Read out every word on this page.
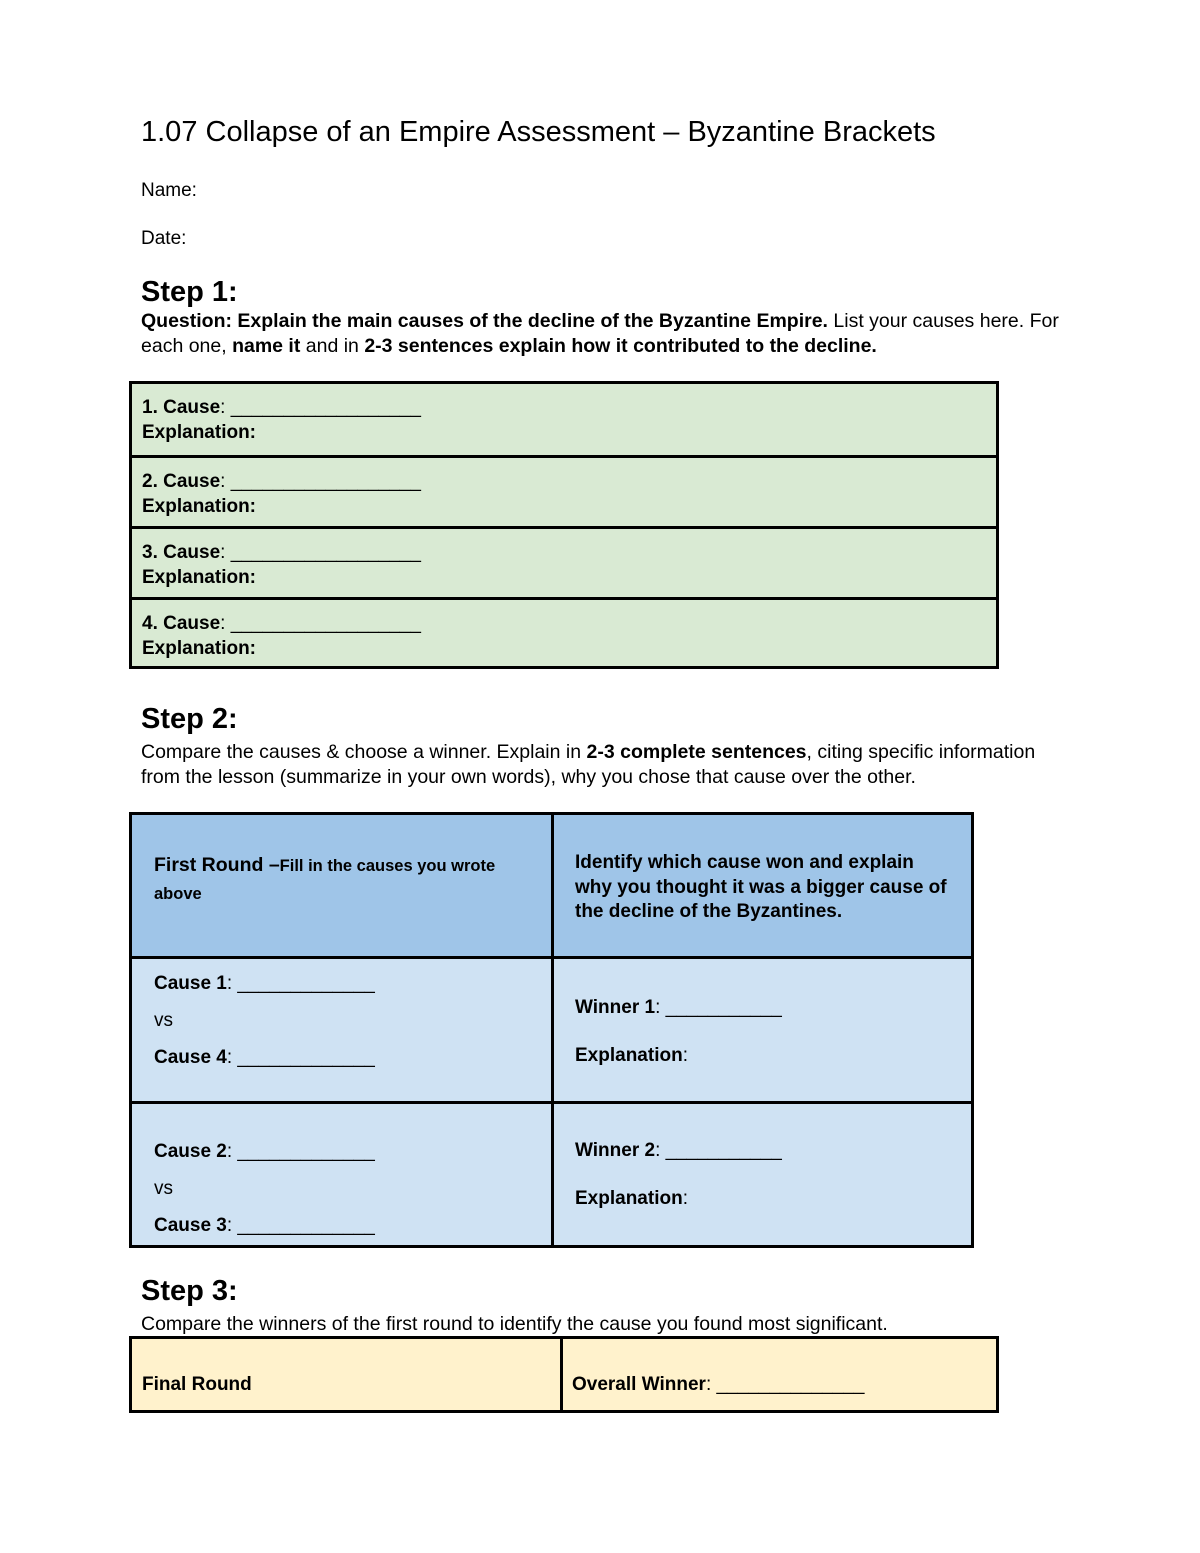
1.07 Collapse of an Empire Assessment – Byzantine Brackets
Name:
Date:
Step 1:
Question: Explain the main causes of the decline of the Byzantine Empire. List your causes here. For each one, name it and in 2-3 sentences explain how it contributed to the decline.
1. Cause: __________________
Explanation:
2. Cause: __________________
Explanation:
3. Cause: __________________
Explanation:
4. Cause: __________________
Explanation:
Step 2:
Compare the causes & choose a winner. Explain in 2-3 complete sentences, citing specific information from the lesson (summarize in your own words), why you chose that cause over the other.
First Round –Fill in the causes you wrote above
Identify which cause won and explain why you thought it was a bigger cause of the decline of the Byzantines.
Cause 1: _____________
vs
Cause 4: _____________
Winner 1: ___________
Explanation:
Cause 2: _____________
vs
Cause 3: _____________
Winner 2: ___________
Explanation:
Step 3:
Compare the winners of the first round to identify the cause you found most significant.
Final Round	Overall Winner: ______________
